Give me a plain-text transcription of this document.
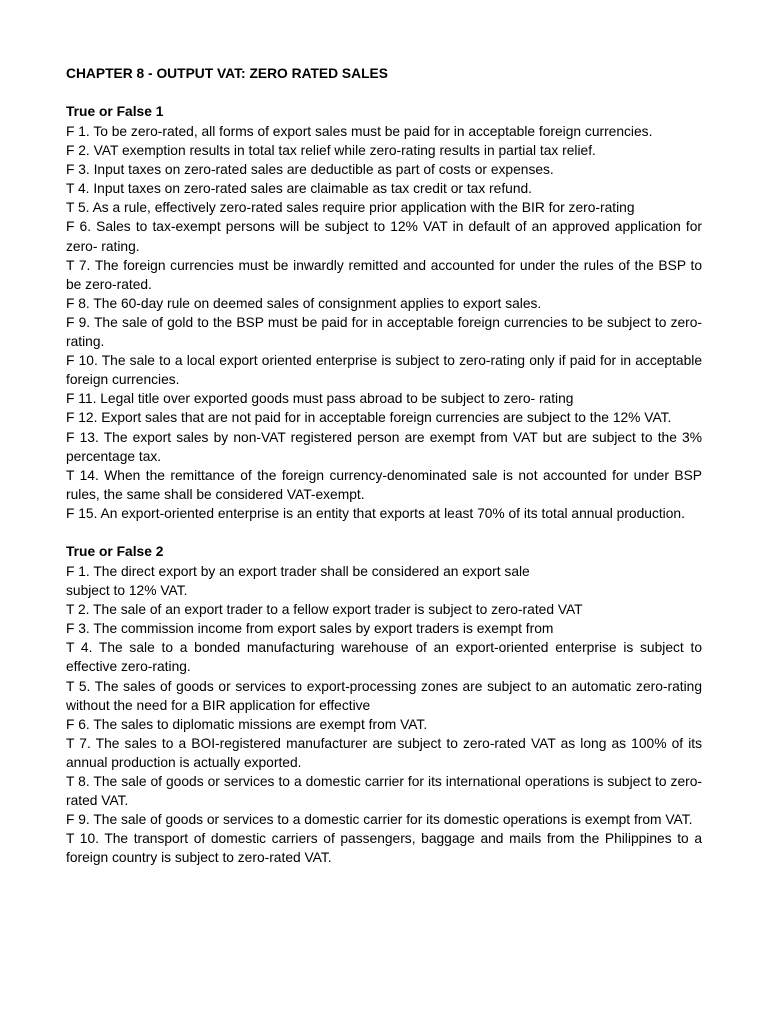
CHAPTER 8 - OUTPUT VAT: ZERO RATED SALES

True or False 1

F 1. To be zero-rated, all forms of export sales must be paid for in acceptable foreign currencies.

F 2. VAT exemption results in total tax relief while zero-rating results in partial tax relief.

F 3. Input taxes on zero-rated sales are deductible as part of costs or expenses.

T 4. Input taxes on zero-rated sales are claimable as tax credit or tax refund.

T 5. As a rule, effectively zero-rated sales require prior application with the BIR for zero-rating

F 6. Sales to tax-exempt persons will be subject to 12% VAT in default of an approved application for zero- rating.

T 7. The foreign currencies must be inwardly remitted and accounted for under the rules of the BSP to be zero-rated.

F 8. The 60-day rule on deemed sales of consignment applies to export sales.

F 9. The sale of gold to the BSP must be paid for in acceptable foreign currencies to be subject to zero-rating.

F 10. The sale to a local export oriented enterprise is subject to zero-rating only if paid for in acceptable foreign currencies.

F 11. Legal title over exported goods must pass abroad to be subject to zero- rating

F 12. Export sales that are not paid for in acceptable foreign currencies are subject to the 12% VAT.

F 13. The export sales by non-VAT registered person are exempt from VAT but are subject to the 3% percentage tax.

T 14. When the remittance of the foreign currency-denominated sale is not accounted for under BSP rules, the same shall be considered VAT-exempt.

F 15. An export-oriented enterprise is an entity that exports at least 70% of its total annual production.

True or False 2

F 1. The direct export by an export trader shall be considered an export sale

subject to 12% VAT.

T 2. The sale of an export trader to a fellow export trader is subject to zero-rated VAT

F 3. The commission income from export sales by export traders is exempt from

T 4. The sale to a bonded manufacturing warehouse of an export-oriented enterprise is subject to effective zero-rating.

T 5. The sales of goods or services to export-processing zones are subject to an automatic zero-rating without the need for a BIR application for effective

F 6. The sales to diplomatic missions are exempt from VAT.

T 7. The sales to a BOI-registered manufacturer are subject to zero-rated VAT as long as 100% of its annual production is actually exported.

T 8. The sale of goods or services to a domestic carrier for its international operations is subject to zero-rated VAT.

F 9. The sale of goods or services to a domestic carrier for its domestic operations is exempt from VAT.

T 10. The transport of domestic carriers of passengers, baggage and mails from the Philippines to a foreign country is subject to zero-rated VAT.
